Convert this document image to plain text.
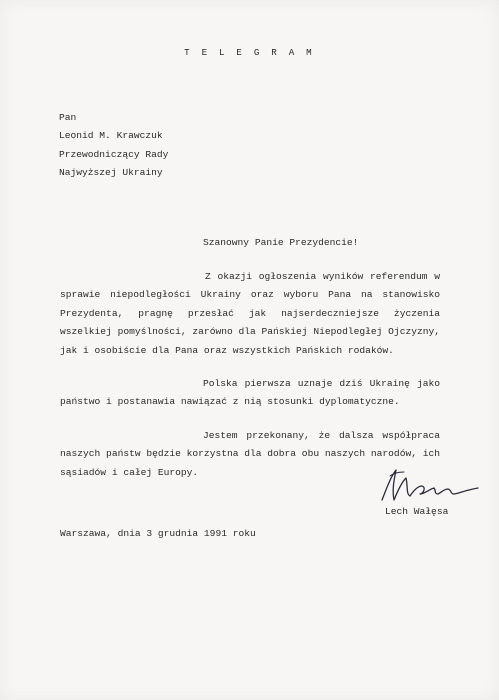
T E L E G R A M
Pan
Leonid M. Krawczuk
Przewodniczący Rady
Najwyższej Ukrainy
Szanowny Panie Prezydencie!

Z okazji ogłoszenia wyników referendum w sprawie niepodległości Ukrainy oraz wyboru Pana na stanowisko Prezydenta, pragnę przesłać jak najserdeczniejsze życzenia wszelkiej pomyślności, zarówno dla Pańskiej Niepodległej Ojczyzny, jak i osobiście dla Pana oraz wszystkich Pańskich rodaków.

Polska pierwsza uznaje dziś Ukrainę jako państwo i postanawia nawiązać z nią stosunki dyplomatyczne.

Jestem przekonany, że dalsza współpraca naszych państw będzie korzystna dla dobra obu naszych narodów, ich sąsiadów i całej Europy.

Lech Wałęsa
Warszawa, dnia 3 grudnia 1991 roku
